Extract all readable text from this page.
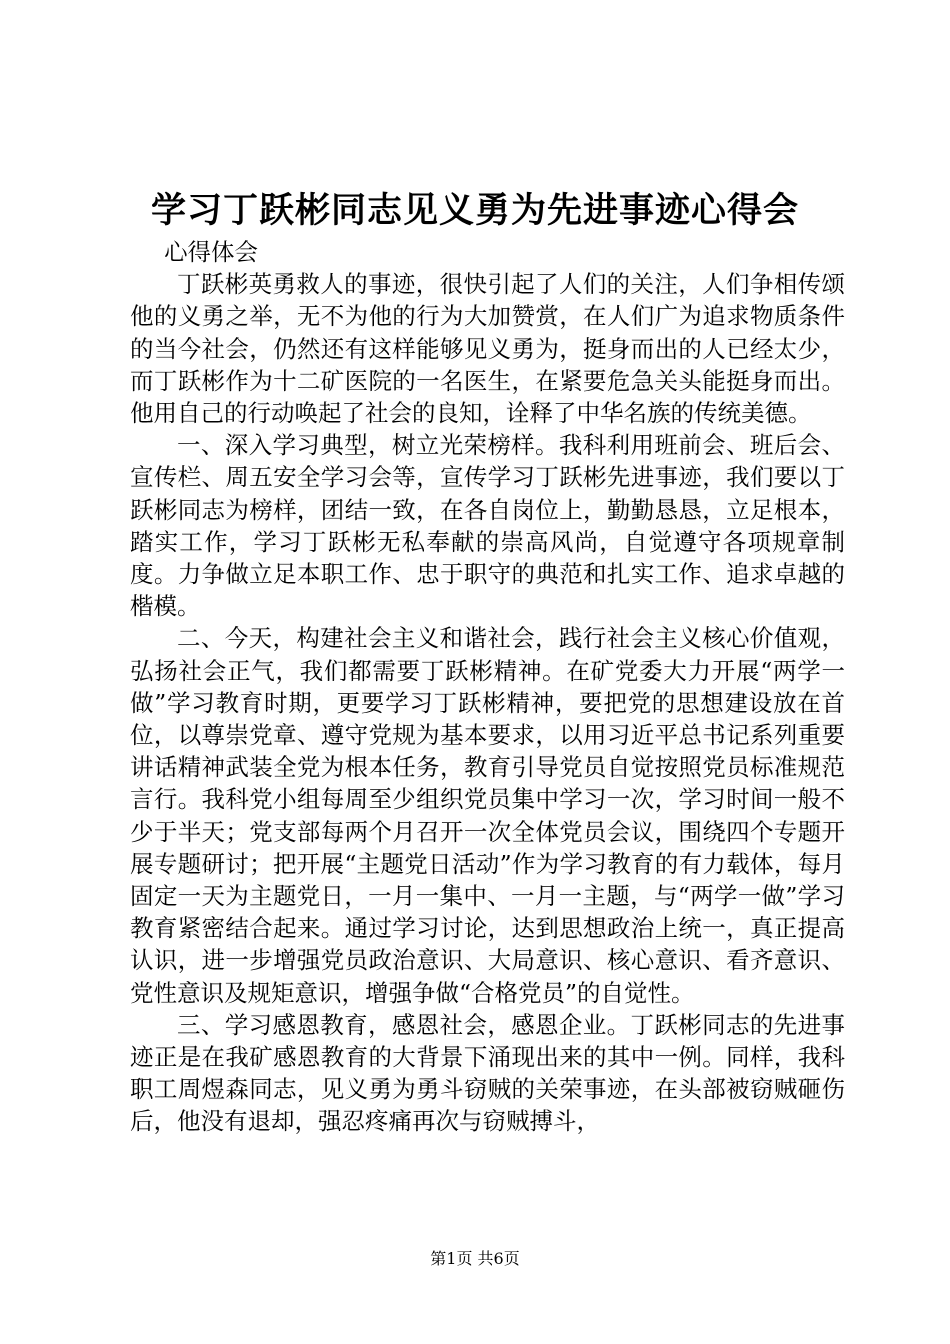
学习丁跃彬同志见义勇为先进事迹心得会

心得体会

丁跃彬英勇救人的事迹，很快引起了人们的关注，人们争相传颂他的义勇之举，无不为他的行为大加赞赏，在人们广为追求物质条件的当今社会，仍然还有这样能够见义勇为，挺身而出的人已经太少，而丁跃彬作为十二矿医院的一名医生，在紧要危急关头能挺身而出。他用自己的行动唤起了社会的良知，诠释了中华名族的传统美德。

一、深入学习典型，树立光荣榜样。我科利用班前会、班后会、宣传栏、周五安全学习会等，宣传学习丁跃彬先进事迹，我们要以丁跃彬同志为榜样，团结一致，在各自岗位上，勤勤恳恳，立足根本，踏实工作，学习丁跃彬无私奉献的崇高风尚，自觉遵守各项规章制度。力争做立足本职工作、忠于职守的典范和扎实工作、追求卓越的楷模。

二、今天，构建社会主义和谐社会，践行社会主义核心价值观，弘扬社会正气，我们都需要丁跃彬精神。在矿党委大力开展“两学一做”学习教育时期，更要学习丁跃彬精神，要把党的思想建设放在首位，以尊崇党章、遵守党规为基本要求，以用习近平总书记系列重要讲话精神武装全党为根本任务，教育引导党员自觉按照党员标准规范言行。我科党小组每周至少组织党员集中学习一次，学习时间一般不少于半天；党支部每两个月召开一次全体党员会议，围绕四个专题开展专题研讨；把开展“主题党日活动”作为学习教育的有力载体，每月固定一天为主题党日，一月一集中、一月一主题，与“两学一做”学习教育紧密结合起来。通过学习讨论，达到思想政治上统一，真正提高认识，进一步增强党员政治意识、大局意识、核心意识、看齐意识、党性意识及规矩意识，增强争做“合格党员”的自觉性。

三、学习感恩教育，感恩社会，感恩企业。丁跃彬同志的先进事迹正是在我矿感恩教育的大背景下涌现出来的其中一例。同样，我科职工周煜森同志，见义勇为勇斗窃贼的关荣事迹，在头部被窃贼砸伤后，他没有退却，强忍疼痛再次与窃贼搏斗，

第1页 共6页
